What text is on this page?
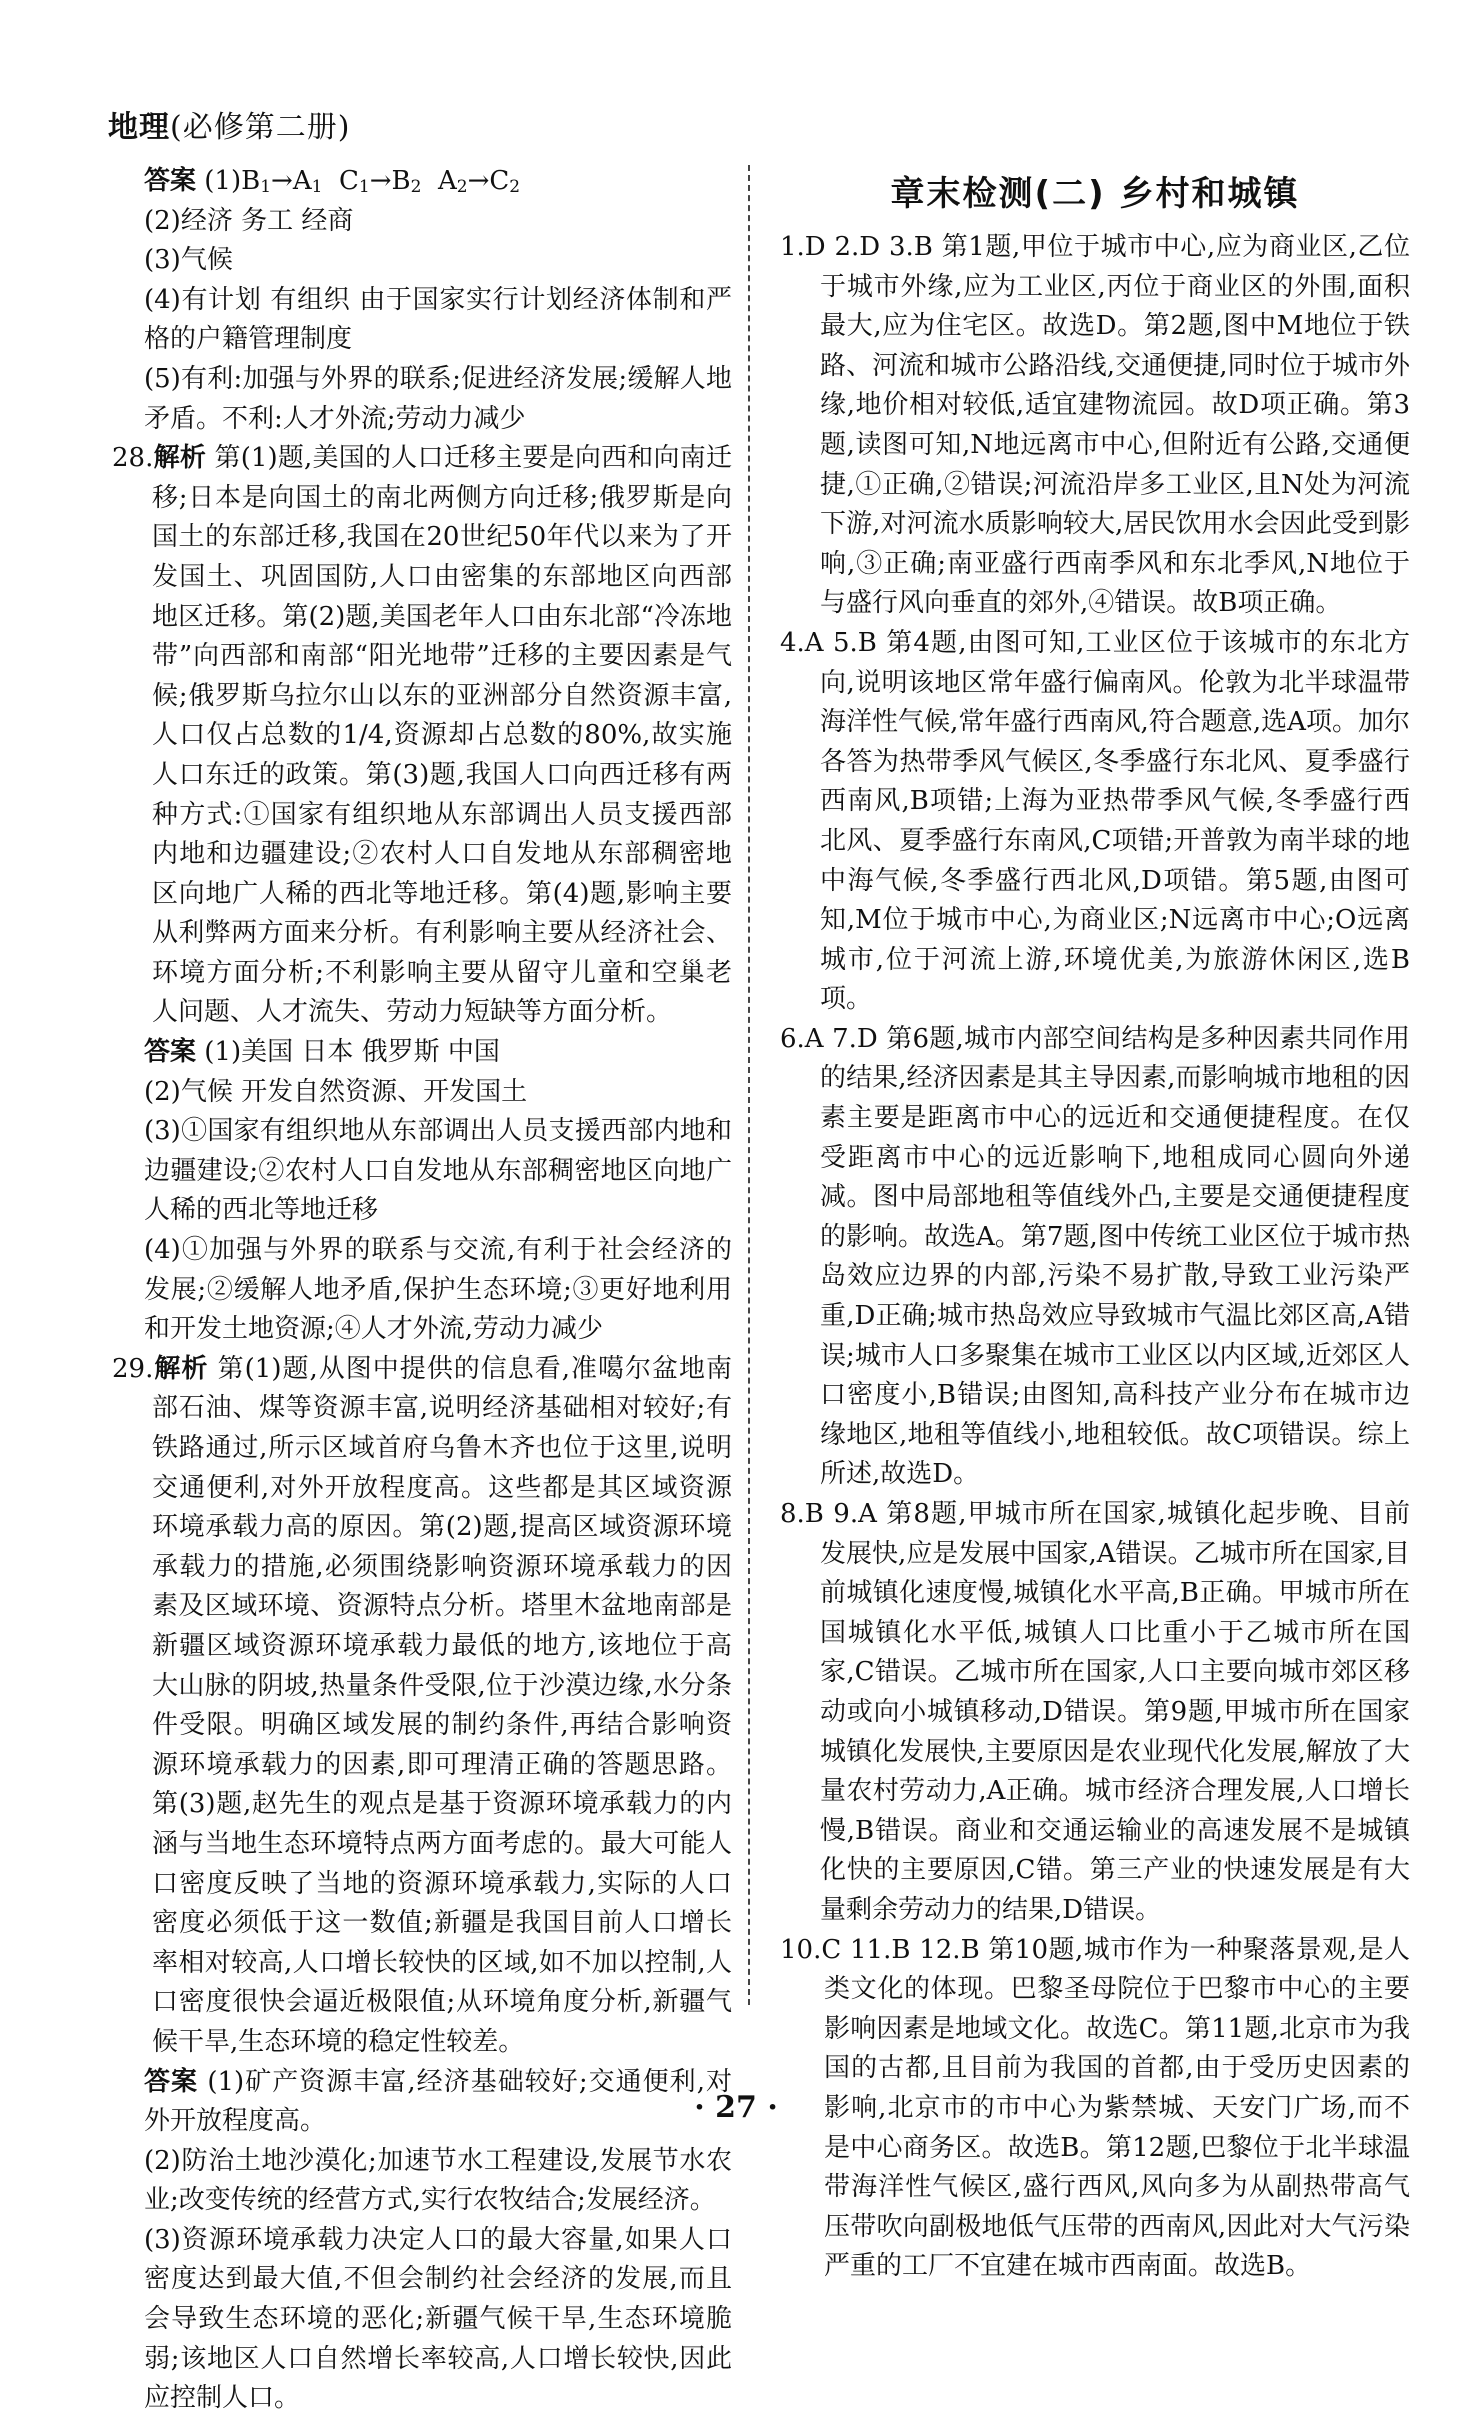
地理(必修第二册)

答案 $(1)B_1\to A_1$  $C_1\to B_2$  $A_2\to C_2$

(2)经济 务工 经商

(3)气候

(4)有计划 有组织 由于国家实行计划经济体制和严格的户籍管理制度

(5)有利:加强与外界的联系;促进经济发展;缓解人地矛盾。不利:人才外流;劳动力减少

28.解析 第(1)题,美国的人口迁移主要是向西和向南迁移;日本是向国土的南北两侧方向迁移;俄罗斯是向国土的东部迁移,我国在20世纪50年代以来为了开发国土、巩固国防,人口由密集的东部地区向西部地区迁移。第(2)题,美国老年人口由东北部“冷冻地带”向西部和南部“阳光地带”迁移的主要因素是气候;俄罗斯乌拉尔山以东的亚洲部分自然资源丰富,人口仅占总数的1/4,资源却占总数的80%,故实施人口东迁的政策。第(3)题,我国人口向西迁移有两种方式:①国家有组织地从东部调出人员支援西部内地和边疆建设;②农村人口自发地从东部稠密地区向地广人稀的西北等地迁移。第(4)题,影响主要从利弊两方面来分析。有利影响主要从经济社会、环境方面分析;不利影响主要从留守儿童和空巢老人问题、人才流失、劳动力短缺等方面分析。

答案 (1)美国 日本 俄罗斯 中国

(2)气候 开发自然资源、开发国土

(3)①国家有组织地从东部调出人员支援西部内地和边疆建设;②农村人口自发地从东部稠密地区向地广人稀的西北等地迁移

(4)①加强与外界的联系与交流,有利于社会经济的发展;②缓解人地矛盾,保护生态环境;③更好地利用和开发土地资源;④人才外流,劳动力减少

29.解析 第(1)题,从图中提供的信息看,准噶尔盆地南部石油、煤等资源丰富,说明经济基础相对较好;有铁路通过,所示区域首府乌鲁木齐也位于这里,说明交通便利,对外开放程度高。这些都是其区域资源环境承载力高的原因。第(2)题,提高区域资源环境承载力的措施,必须围绕影响资源环境承载力的因素及区域环境、资源特点分析。塔里木盆地南部是新疆区域资源环境承载力最低的地方,该地位于高大山脉的阴坡,热量条件受限,位于沙漠边缘,水分条件受限。明确区域发展的制约条件,再结合影响资源环境承载力的因素,即可理清正确的答题思路。第(3)题,赵先生的观点是基于资源环境承载力的内涵与当地生态环境特点两方面考虑的。最大可能人口密度反映了当地的资源环境承载力,实际的人口密度必须低于这一数值;新疆是我国目前人口增长率相对较高,人口增长较快的区域,如不加以控制,人口密度很快会逼近极限值;从环境角度分析,新疆气候干旱,生态环境的稳定性较差。

答案 (1)矿产资源丰富,经济基础较好;交通便利,对外开放程度高。

(2)防治土地沙漠化;加速节水工程建设,发展节水农业;改变传统的经营方式,实行农牧结合;发展经济。

(3)资源环境承载力决定人口的最大容量,如果人口密度达到最大值,不但会制约社会经济的发展,而且会导致生态环境的恶化;新疆气候干旱,生态环境脆弱;该地区人口自然增长率较高,人口增长较快,因此应控制人口。

章末检测(二) 乡村和城镇

1.D 2.D 3.B 第1题,甲位于城市中心,应为商业区,乙位于城市外缘,应为工业区,丙位于商业区的外围,面积最大,应为住宅区。故选D。第2题,图中M地位于铁路、河流和城市公路沿线,交通便捷,同时位于城市外缘,地价相对较低,适宜建物流园。故D项正确。第3题,读图可知,N地远离市中心,但附近有公路,交通便捷,①正确,②错误;河流沿岸多工业区,且N处为河流下游,对河流水质影响较大,居民饮用水会因此受到影响,③正确;南亚盛行西南季风和东北季风,N地位于与盛行风向垂直的郊外,④错误。故B项正确。

4.A 5.B 第4题,由图可知,工业区位于该城市的东北方向,说明该地区常年盛行偏南风。伦敦为北半球温带海洋性气候,常年盛行西南风,符合题意,选A项。加尔各答为热带季风气候区,冬季盛行东北风、夏季盛行西南风,B项错;上海为亚热带季风气候,冬季盛行西北风、夏季盛行东南风,C项错;开普敦为南半球的地中海气候,冬季盛行西北风,D项错。第5题,由图可知,M位于城市中心,为商业区;N远离市中心;O远离城市,位于河流上游,环境优美,为旅游休闲区,选B项。

6.A 7.D 第6题,城市内部空间结构是多种因素共同作用的结果,经济因素是其主导因素,而影响城市地租的因素主要是距离市中心的远近和交通便捷程度。在仅受距离市中心的远近影响下,地租成同心圆向外递减。图中局部地租等值线外凸,主要是交通便捷程度的影响。故选A。第7题,图中传统工业区位于城市热岛效应边界的内部,污染不易扩散,导致工业污染严重,D正确;城市热岛效应导致城市气温比郊区高,A错误;城市人口多聚集在城市工业区以内区域,近郊区人口密度小,B错误;由图知,高科技产业分布在城市边缘地区,地租等值线小,地租较低。故C项错误。综上所述,故选D。

8.B 9.A 第8题,甲城市所在国家,城镇化起步晚、目前发展快,应是发展中国家,A错误。乙城市所在国家,目前城镇化速度慢,城镇化水平高,B正确。甲城市所在国城镇化水平低,城镇人口比重小于乙城市所在国家,C错误。乙城市所在国家,人口主要向城市郊区移动或向小城镇移动,D错误。第9题,甲城市所在国家城镇化发展快,主要原因是农业现代化发展,解放了大量农村劳动力,A正确。城市经济合理发展,人口增长慢,B错误。商业和交通运输业的高速发展不是城镇化快的主要原因,C错。第三产业的快速发展是有大量剩余劳动力的结果,D错误。

10.C 11.B 12.B 第10题,城市作为一种聚落景观,是人类文化的体现。巴黎圣母院位于巴黎市中心的主要影响因素是地域文化。故选C。第11题,北京市为我国的古都,且目前为我国的首都,由于受历史因素的影响,北京市的市中心为紫禁城、天安门广场,而不是中心商务区。故选B。第12题,巴黎位于北半球温带海洋性气候区,盛行西风,风向多为从副热带高气压带吹向副极地低气压带的西南风,因此对大气污染严重的工厂不宜建在城市西南面。故选B。

· 27 ·
